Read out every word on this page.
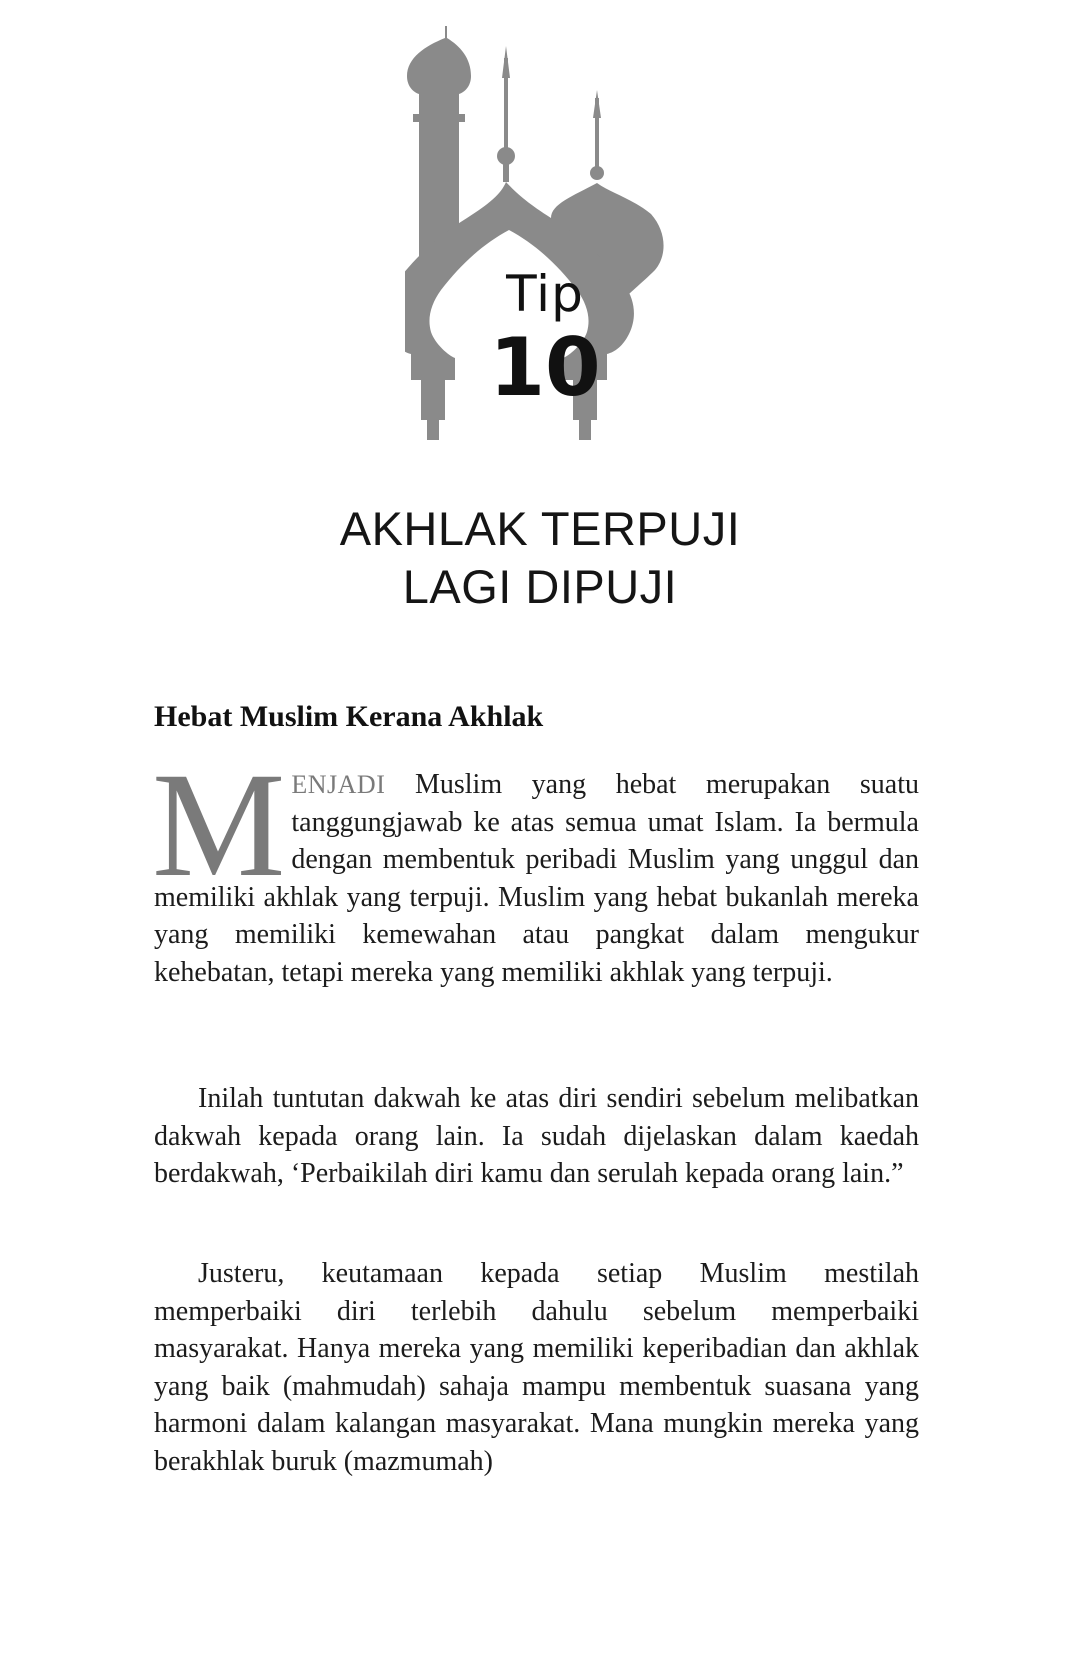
Tip
10
AKHLAK TERPUJI
LAGI DIPUJI
Hebat Muslim Kerana Akhlak
MENJADI Muslim yang hebat merupakan suatu tanggungjawab ke atas semua umat Islam. Ia bermula dengan membentuk peribadi Muslim yang unggul dan memiliki akhlak yang terpuji. Muslim yang hebat bukanlah mereka yang memiliki kemewahan atau pangkat dalam mengukur kehebatan, tetapi mereka yang memiliki akhlak yang terpuji.
Inilah tuntutan dakwah ke atas diri sendiri sebelum melibatkan dakwah kepada orang lain. Ia sudah dijelaskan dalam kaedah berdakwah, ‘Perbaikilah diri kamu dan serulah kepada orang lain.”
Justeru, keutamaan kepada setiap Muslim mestilah memperbaiki diri terlebih dahulu sebelum memperbaiki masyarakat. Hanya mereka yang memiliki keperibadian dan akhlak yang baik (mahmudah) sahaja mampu membentuk suasana yang harmoni dalam kalangan masyarakat. Mana mungkin mereka yang berakhlak buruk (mazmumah)
